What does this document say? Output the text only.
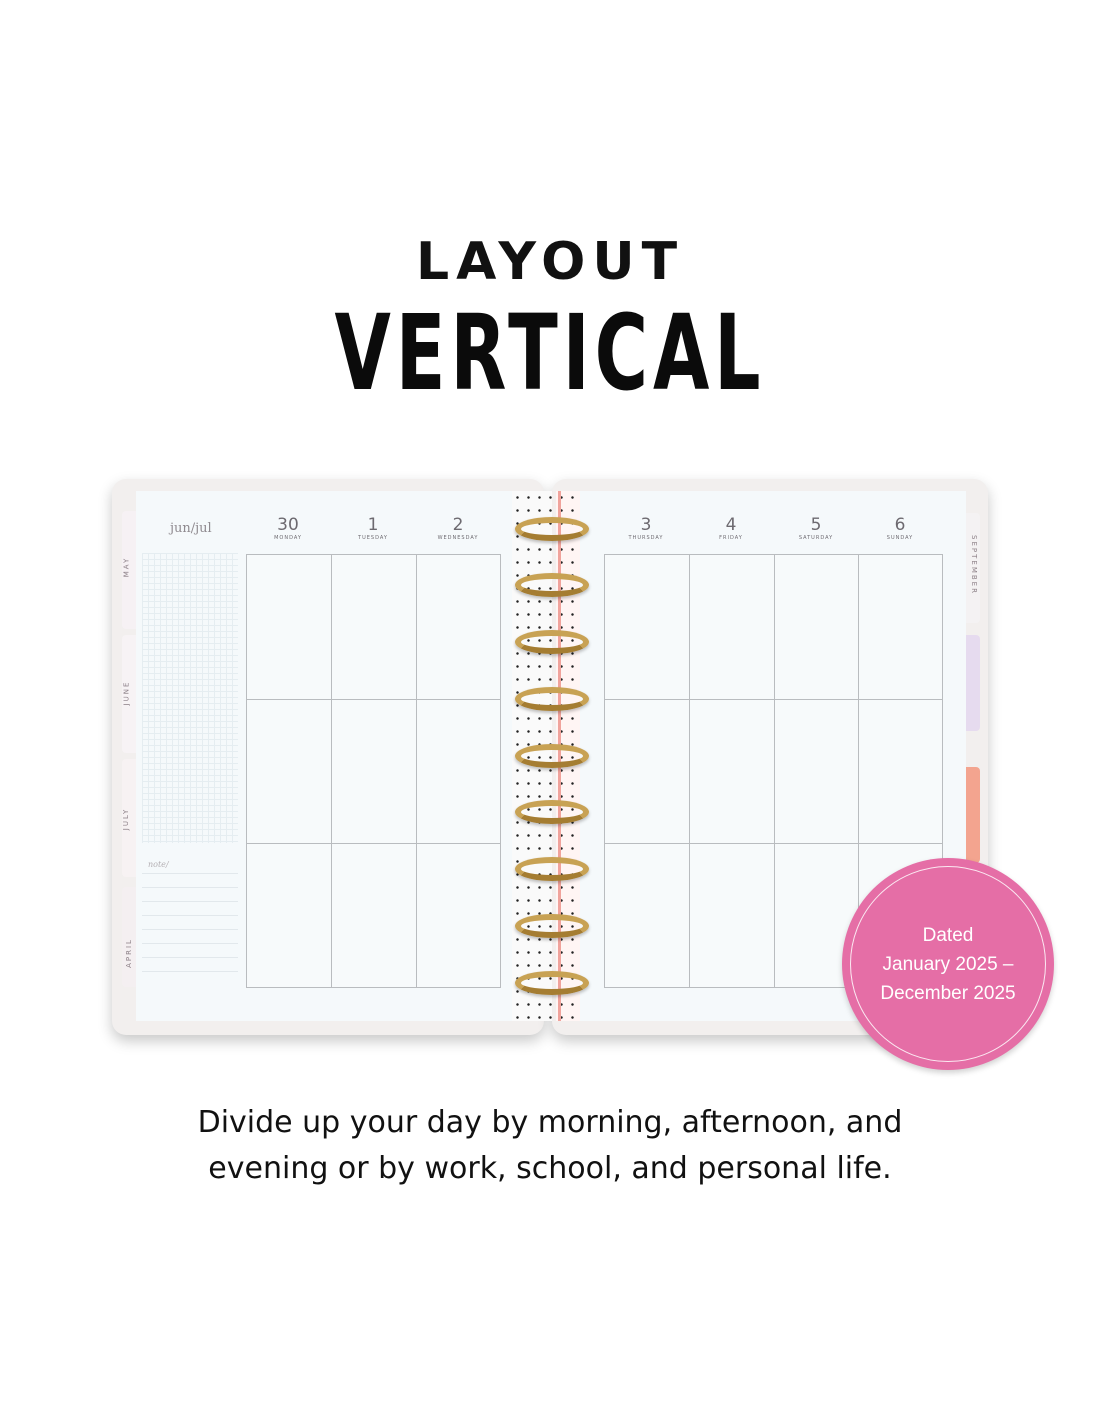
LAYOUT
VERTICAL
MAY
JUNE
JULY
APRIL
SEPTEMBER
jun/jul
note/
30
MONDAY
1
TUESDAY
2
WEDNESDAY
3
THURSDAY
4
FRIDAY
5
SATURDAY
6
SUNDAY
Dated
January 2025 –
December 2025
Divide up your day by morning, afternoon, and
evening or by work, school, and personal life.
